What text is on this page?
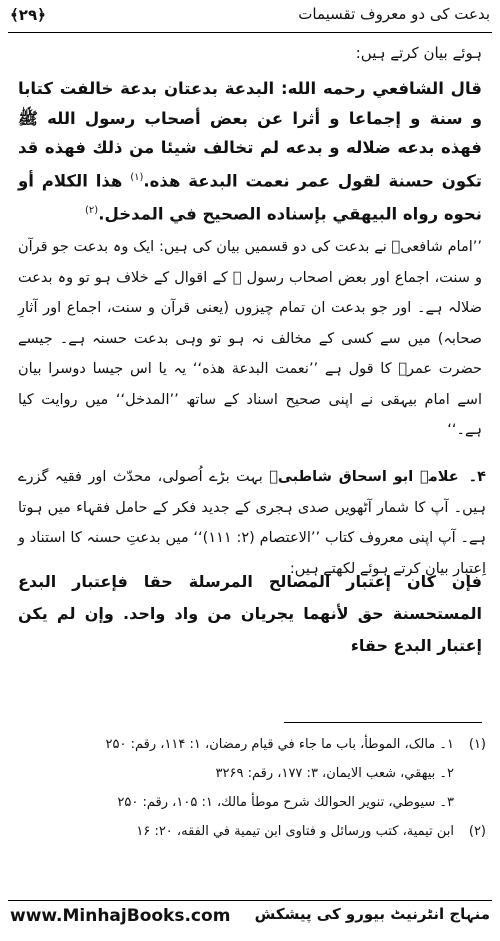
﴾۲۹﴿	بدعت کی دو معروف تقسیمات
ہوئے بیان کرتے ہیں:
قال الشافعي رحمه الله: البدعة بدعتان بدعة خالفت كتابا و سنة و إجماعا و أثرا عن بعض أصحاب رسول الله ﷺ فهذه بدعه ضلاله و بدعه لم تخالف شيئا من ذلك فهذه قد تكون حسنة لقول عمر نعمت البدعة هذه.$^{(۱)}$ هذا الكلام أو نحوه رواه البيهقي بإسناده الصحيح في المدخل.$^{(۲)}$
’’امام شافعیؒ نے بدعت کی دو قسمیں بیان کی ہیں: ایک وہ بدعت جو قرآن و سنت، اجماع اور بعض اصحاب رسول ﷺ کے اقوال کے خلاف ہو تو وہ بدعت ضلالہ ہے۔ اور جو بدعت ان تمام چیزوں (یعنی قرآن و سنت، اجماع اور آثارِ صحابہ) میں سے کسی کے مخالف نہ ہو تو وہی بدعت حسنہ ہے۔ جیسے حضرت عمرؓ کا قول ہے ’’نعمت البدعة هذه‘‘ یہ یا اس جیسا دوسرا بیان اسے امام بیہقی نے اپنی صحیح اسناد کے ساتھ ’’المدخل‘‘ میں روایت کیا ہے۔‘‘
۴۔علامہ ابو اسحاق شاطبیؒ بہت بڑے اُصولی، محدّث اور فقیہ گزرے ہیں۔ آپ کا شمار آٹھویں صدی ہجری کے جدید فکر کے حامل فقہاء میں ہوتا ہے۔ آپ اپنی معروف کتاب ’’الاعتصام (۲: ۱۱۱)‘‘ میں بدعتِ حسنہ کا استناد و اِعتبار بیان کرتے ہوئے لکھتے ہیں:
فإن كان إعتبار المصالح المرسلة حقا فإعتبار البدع المستحسنة حق لأنهما يجريان من واد واحد. وإن لم يكن إعتبار البدع حقاء
(۱)۱۔ مالک، الموطأ، باب ما جاء في قيام رمضان، ۱: ۱۱۴، رقم: ۲۵۰
۲۔ بيهقي، شعب الايمان، ۳: ۱۷۷، رقم: ۳۲۶۹
۳۔ سيوطي، تنوير الحوالك شرح موطأ مالك، ۱: ۱۰۵، رقم: ۲۵۰
(۲)ابن تيمية، كتب ورسائل و فتاوى ابن تيمية في الفقه، ۲۰: ۱۶
www.MinhajBooks.com منہاج انٹرنیٹ بیورو کی پیشکش
